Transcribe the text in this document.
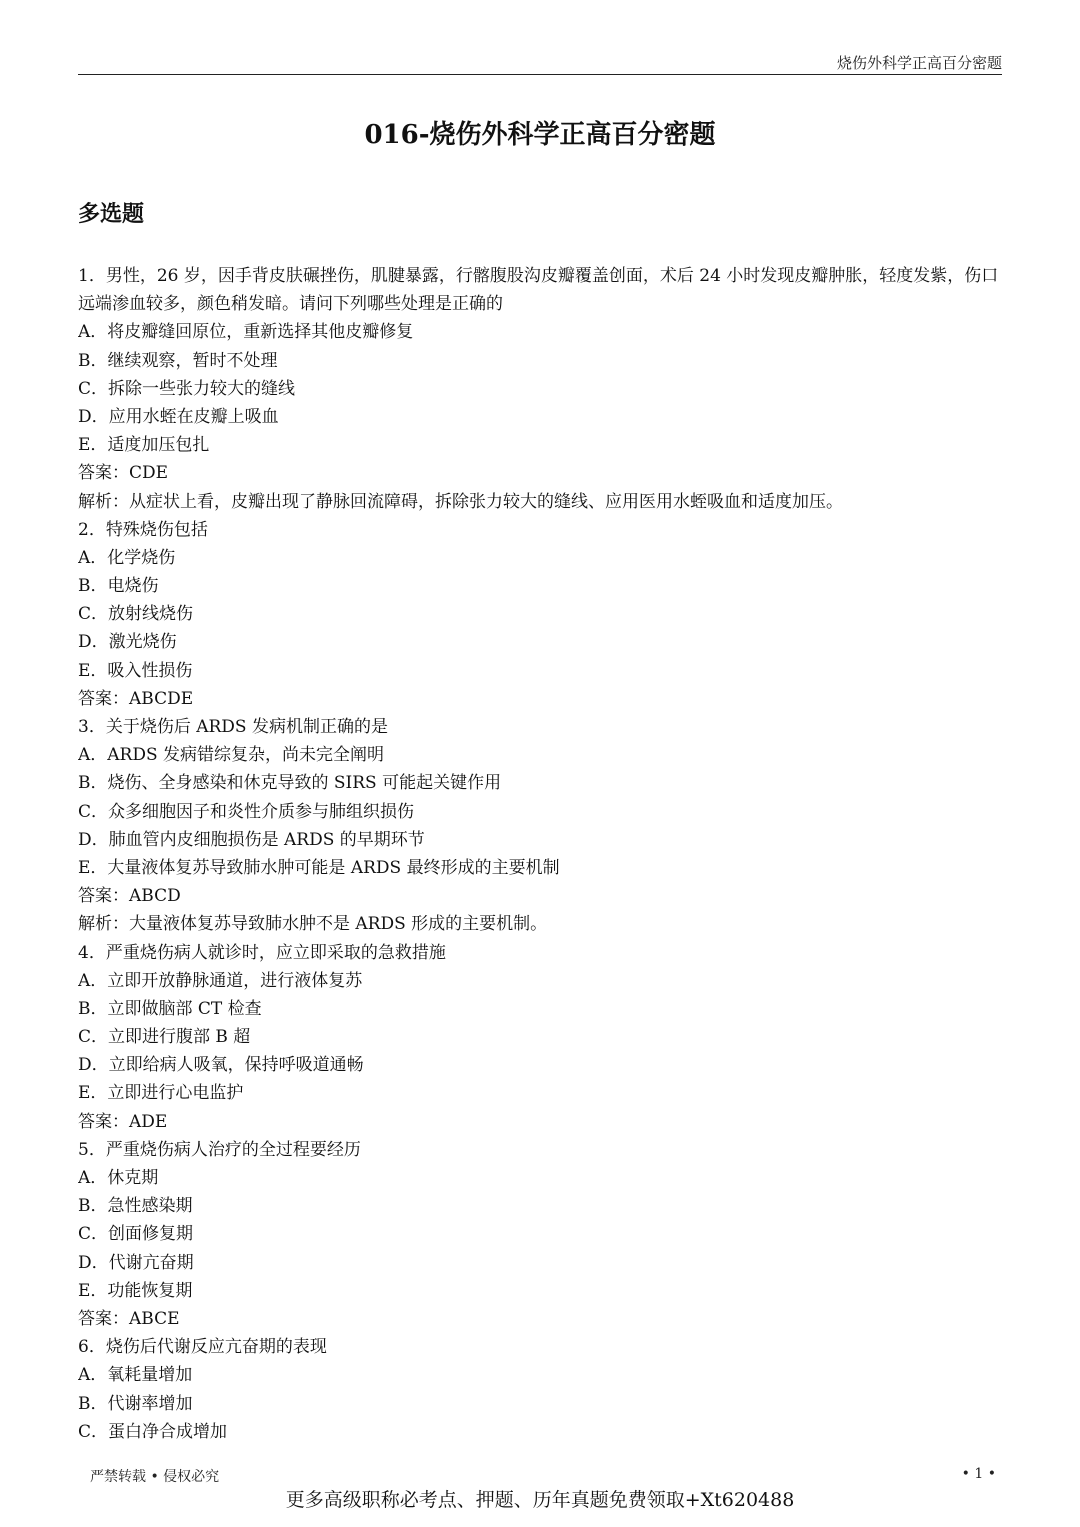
烧伤外科学正高百分密题
016-烧伤外科学正高百分密题
多选题
1．男性，26 岁，因手背皮肤碾挫伤，肌腱暴露，行髂腹股沟皮瓣覆盖创面，术后 24 小时发现皮瓣肿胀，轻度发紫，伤口远端渗血较多，颜色稍发暗。请问下列哪些处理是正确的
A．将皮瓣缝回原位，重新选择其他皮瓣修复
B．继续观察，暂时不处理
C．拆除一些张力较大的缝线
D．应用水蛭在皮瓣上吸血
E．适度加压包扎
答案：CDE
解析：从症状上看，皮瓣出现了静脉回流障碍，拆除张力较大的缝线、应用医用水蛭吸血和适度加压。
2．特殊烧伤包括
A．化学烧伤
B．电烧伤
C．放射线烧伤
D．激光烧伤
E．吸入性损伤
答案：ABCDE
3．关于烧伤后 ARDS 发病机制正确的是
A．ARDS 发病错综复杂，尚未完全阐明
B．烧伤、全身感染和休克导致的 SIRS 可能起关键作用
C．众多细胞因子和炎性介质参与肺组织损伤
D．肺血管内皮细胞损伤是 ARDS 的早期环节
E．大量液体复苏导致肺水肿可能是 ARDS 最终形成的主要机制
答案：ABCD
解析：大量液体复苏导致肺水肿不是 ARDS 形成的主要机制。
4．严重烧伤病人就诊时，应立即采取的急救措施
A．立即开放静脉通道，进行液体复苏
B．立即做脑部 CT 检查
C．立即进行腹部 B 超
D．立即给病人吸氧，保持呼吸道通畅
E．立即进行心电监护
答案：ADE
5．严重烧伤病人治疗的全过程要经历
A．休克期
B．急性感染期
C．创面修复期
D．代谢亢奋期
E．功能恢复期
答案：ABCE
6．烧伤后代谢反应亢奋期的表现
A．氧耗量增加
B．代谢率增加
C．蛋白净合成增加
严禁转载 • 侵权必究	• 1 •
更多高级职称必考点、押题、历年真题免费领取+Xt620488
